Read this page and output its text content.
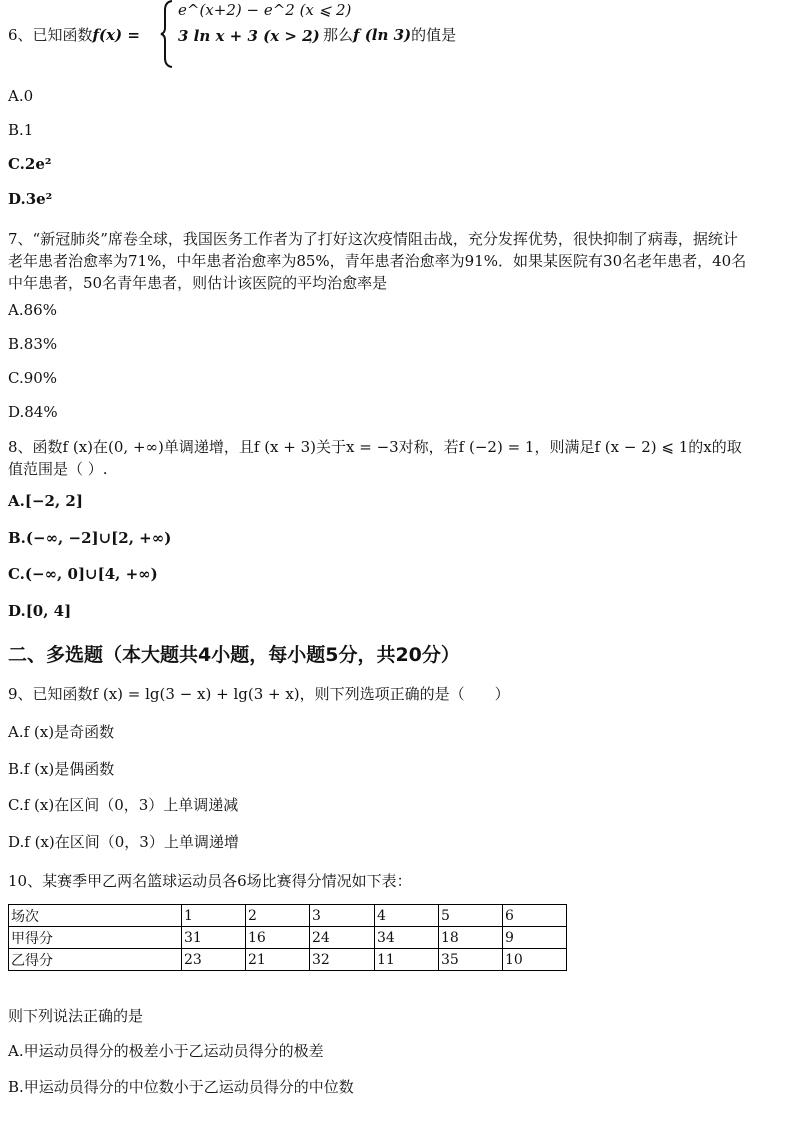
6、已知函数f(x) =
e^(x+2) − e^2 (x ⩽ 2)
3 ln x + 3 (x > 2)
，那么f (ln 3)的值是
A.0
B.1
C.2e²
D.3e²
7、“新冠肺炎”席卷全球，我国医务工作者为了打好这次疫情阻击战，充分发挥优势，很快抑制了病毒，据统计
老年患者治愈率为71%，中年患者治愈率为85%，青年患者治愈率为91%．如果某医院有30名老年患者，40名
中年患者，50名青年患者，则估计该医院的平均治愈率是
A.86%
B.83%
C.90%
D.84%
8、函数f (x)在(0, +∞)单调递增，且f (x + 3)关于x = −3对称，若f (−2) = 1，则满足f (x − 2) ⩽ 1的x的取
值范围是（ ）.
A.[−2, 2]
B.(−∞, −2]∪[2, +∞)
C.(−∞, 0]∪[4, +∞)
D.[0, 4]
二、多选题（本大题共4小题，每小题5分，共20分）
9、已知函数f (x) = lg(3 − x) + lg(3 + x)，则下列选项正确的是（　　）
A.f (x)是奇函数
B.f (x)是偶函数
C.f (x)在区间（0，3）上单调递减
D.f (x)在区间（0，3）上单调递增
10、某赛季甲乙两名篮球运动员各6场比赛得分情况如下表：
场次	1	2	3	4	5	6
甲得分	31	16	24	34	18	9
乙得分	23	21	32	11	35	10
则下列说法正确的是
A.甲运动员得分的极差小于乙运动员得分的极差
B.甲运动员得分的中位数小于乙运动员得分的中位数
